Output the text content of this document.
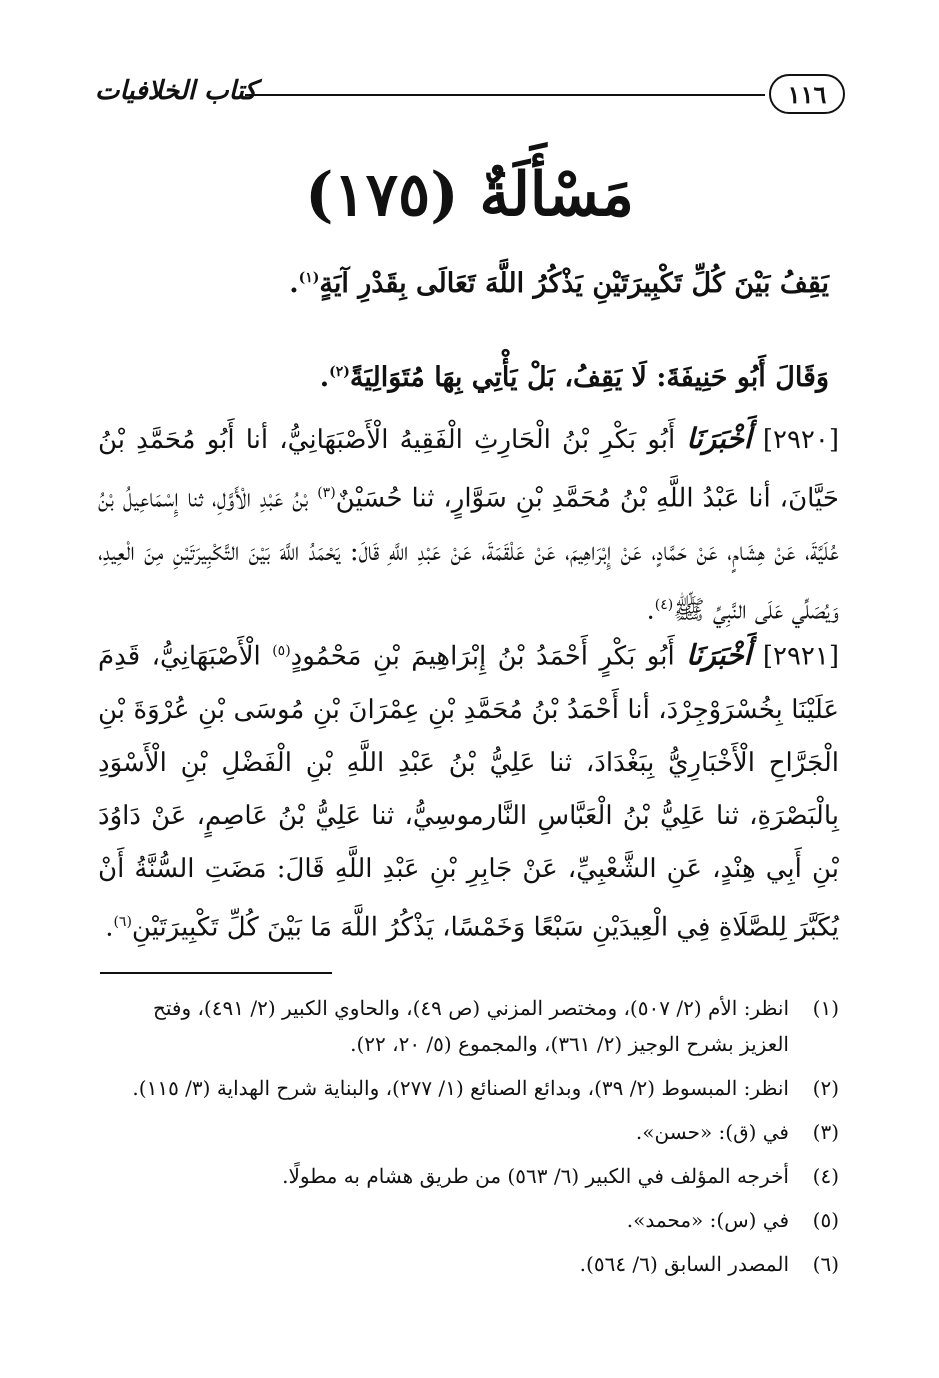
١١٦
كتاب الخلافيات
مَسْأَلَةٌ (١٧٥)
يَقِفُ بَيْنَ كُلِّ تَكْبِيرَتَيْنِ يَذْكُرُ اللَّهَ تَعَالَى بِقَدْرِ آيَةٍ$^{(١)}$.
وَقَالَ أَبُو حَنِيفَةَ: لَا يَقِفُ، بَلْ يَأْتِي بِهَا مُتَوَالِيَةً$^{(٢)}$.
[٢٩٢٠] أَخْبَرَنَا أَبُو بَكْرِ بْنُ الْحَارِثِ الْفَقِيهُ الْأَصْبَهَانِيُّ، أنا أَبُو مُحَمَّدِ بْنُ حَيَّانَ، أنا عَبْدُ اللَّهِ بْنُ مُحَمَّدِ بْنِ سَوَّارٍ، ثنا حُسَيْنٌ$^{(٣)}$ بْنُ عَبْدِ الْأَوَّلِ، ثنا إِسْمَاعِيلُ بْنُ عُلَيَّةَ، عَنْ هِشَامٍ، عَنْ حَمَّادٍ، عَنْ إِبْرَاهِيمَ، عَنْ عَلْقَمَةَ، عَنْ عَبْدِ اللَّهِ قَالَ: يَحْمَدُ اللَّهَ بَيْنَ التَّكْبِيرَتَيْنِ مِنَ الْعِيدِ، وَيُصَلِّي عَلَى النَّبِيِّ ﷺ$^{(٤)}$.
[٢٩٢١] أَخْبَرَنَا أَبُو بَكْرٍ أَحْمَدُ بْنُ إِبْرَاهِيمَ بْنِ مَحْمُودٍ$^{(٥)}$ الْأَصْبَهَانِيُّ، قَدِمَ عَلَيْنَا بِخُسْرَوْجِرْدَ، أنا أَحْمَدُ بْنُ مُحَمَّدِ بْنِ عِمْرَانَ بْنِ مُوسَى بْنِ عُرْوَةَ بْنِ الْجَرَّاحِ الْأَخْبَارِيُّ بِبَغْدَادَ، ثنا عَلِيُّ بْنُ عَبْدِ اللَّهِ بْنِ الْفَضْلِ بْنِ الْأَسْوَدِ بِالْبَصْرَةِ، ثنا عَلِيُّ بْنُ الْعَبَّاسِ النَّارموسِيُّ، ثنا عَلِيُّ بْنُ عَاصِمٍ، عَنْ دَاوُدَ بْنِ أَبِي هِنْدٍ، عَنِ الشَّعْبِيِّ، عَنْ جَابِرِ بْنِ عَبْدِ اللَّهِ قَالَ: مَضَتِ السُّنَّةُ أَنْ يُكَبَّرَ لِلصَّلَاةِ فِي الْعِيدَيْنِ سَبْعًا وَخَمْسًا، يَذْكُرُ اللَّهَ مَا بَيْنَ كُلِّ تَكْبِيرَتَيْنِ$^{(٦)}$.
(١)
انظر: الأم (٢/ ٥٠٧)، ومختصر المزني (ص ٤٩)، والحاوي الكبير (٢/ ٤٩١)، وفتح العزيز بشرح الوجيز (٢/ ٣٦١)، والمجموع (٥/ ٢٠، ٢٢).
(٢)
انظر: المبسوط (٢/ ٣٩)، وبدائع الصنائع (١/ ٢٧٧)، والبناية شرح الهداية (٣/ ١١٥).
(٣)
في (ق): «حسن».
(٤)
أخرجه المؤلف في الكبير (٦/ ٥٦٣) من طريق هشام به مطولًا.
(٥)
في (س): «محمد».
(٦)
المصدر السابق (٦/ ٥٦٤).
